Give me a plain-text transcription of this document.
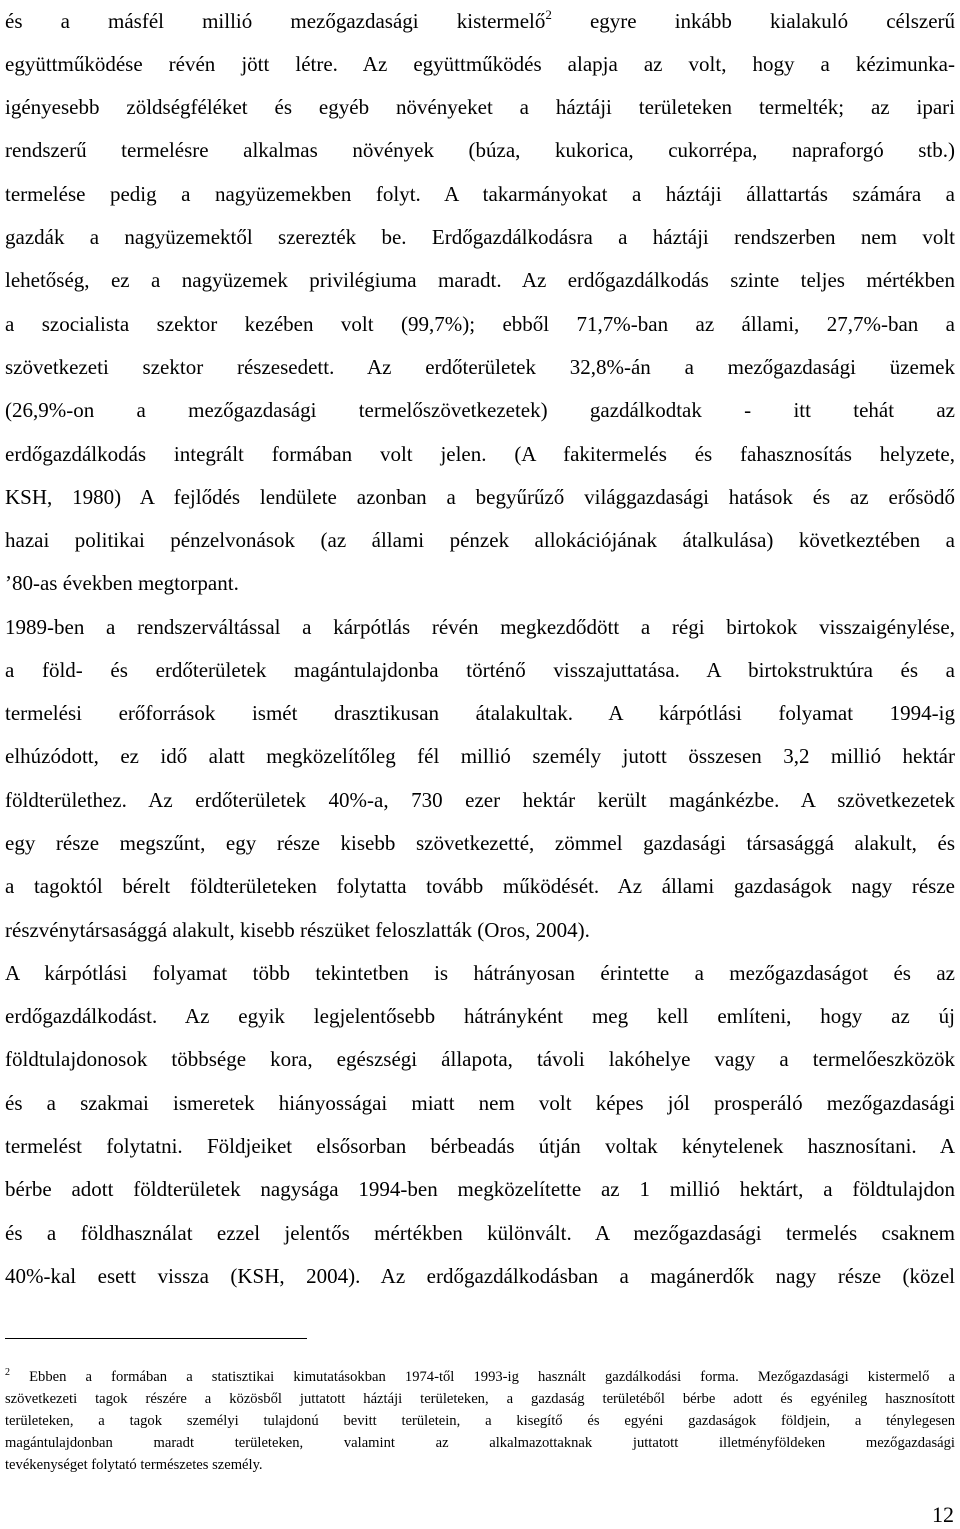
és a másfél millió mezőgazdasági kistermelő$^2$ egyre inkább kialakuló célszerű
együttműködése révén jött létre. Az együttműködés alapja az volt, hogy a kézimunka-
igényesebb zöldségféléket és egyéb növényeket a háztáji területeken termelték; az ipari
rendszerű termelésre alkalmas növények (búza, kukorica, cukorrépa, napraforgó stb.)
termelése pedig a nagyüzemekben folyt. A takarmányokat a háztáji állattartás számára a
gazdák a nagyüzemektől szerezték be. Erdőgazdálkodásra a háztáji rendszerben nem volt
lehetőség, ez a nagyüzemek privilégiuma maradt. Az erdőgazdálkodás szinte teljes mértékben
a szocialista szektor kezében volt (99,7%); ebből 71,7%-ban az állami, 27,7%-ban a
szövetkezeti szektor részesedett. Az erdőterületek 32,8%-án a mezőgazdasági üzemek
(26,9%-on a mezőgazdasági termelőszövetkezetek) gazdálkodtak - itt tehát az
erdőgazdálkodás integrált formában volt jelen. (A fakitermelés és fahasznosítás helyzete,
KSH, 1980) A fejlődés lendülete azonban a begyűrűző világgazdasági hatások és az erősödő
hazai politikai pénzelvonások (az állami pénzek allokációjának átalkulása) következtében a
’80-as években megtorpant.
1989-ben a rendszerváltással a kárpótlás révén megkezdődött a régi birtokok visszaigénylése,
a föld- és erdőterületek magántulajdonba történő visszajuttatása. A birtokstruktúra és a
termelési erőforrások ismét drasztikusan átalakultak. A kárpótlási folyamat 1994-ig
elhúzódott, ez idő alatt megközelítőleg fél millió személy jutott összesen 3,2 millió hektár
földterülethez. Az erdőterületek 40%-a, 730 ezer hektár került magánkézbe. A szövetkezetek
egy része megszűnt, egy része kisebb szövetkezetté, zömmel gazdasági társasággá alakult, és
a tagoktól bérelt földterületeken folytatta tovább működését. Az állami gazdaságok nagy része
részvénytársasággá alakult, kisebb részüket feloszlatták (Oros, 2004).
A kárpótlási folyamat több tekintetben is hátrányosan érintette a mezőgazdaságot és az
erdőgazdálkodást. Az egyik legjelentősebb hátrányként meg kell említeni, hogy az új
földtulajdonosok többsége kora, egészségi állapota, távoli lakóhelye vagy a termelőeszközök
és a szakmai ismeretek hiányosságai miatt nem volt képes jól prosperáló mezőgazdasági
termelést folytatni. Földjeiket elsősorban bérbeadás útján voltak kénytelenek hasznosítani. A
bérbe adott földterületek nagysága 1994-ben megközelítette az 1 millió hektárt, a földtulajdon
és a földhasználat ezzel jelentős mértékben különvált. A mezőgazdasági termelés csaknem
40%-kal esett vissza (KSH, 2004). Az erdőgazdálkodásban a magánerdők nagy része (közel
$^2$ Ebben a formában a statisztikai kimutatásokban 1974-től 1993-ig használt gazdálkodási forma. Mezőgazdasági kistermelő a
szövetkezeti tagok részére a közösből juttatott háztáji területeken, a gazdaság területéből bérbe adott és egyénileg hasznosított
területeken, a tagok személyi tulajdonú bevitt területein, a kisegítő és egyéni gazdaságok földjein, a ténylegesen
magántulajdonban maradt területeken, valamint az alkalmazottaknak juttatott illetményföldeken mezőgazdasági
tevékenységet folytató természetes személy.
12
